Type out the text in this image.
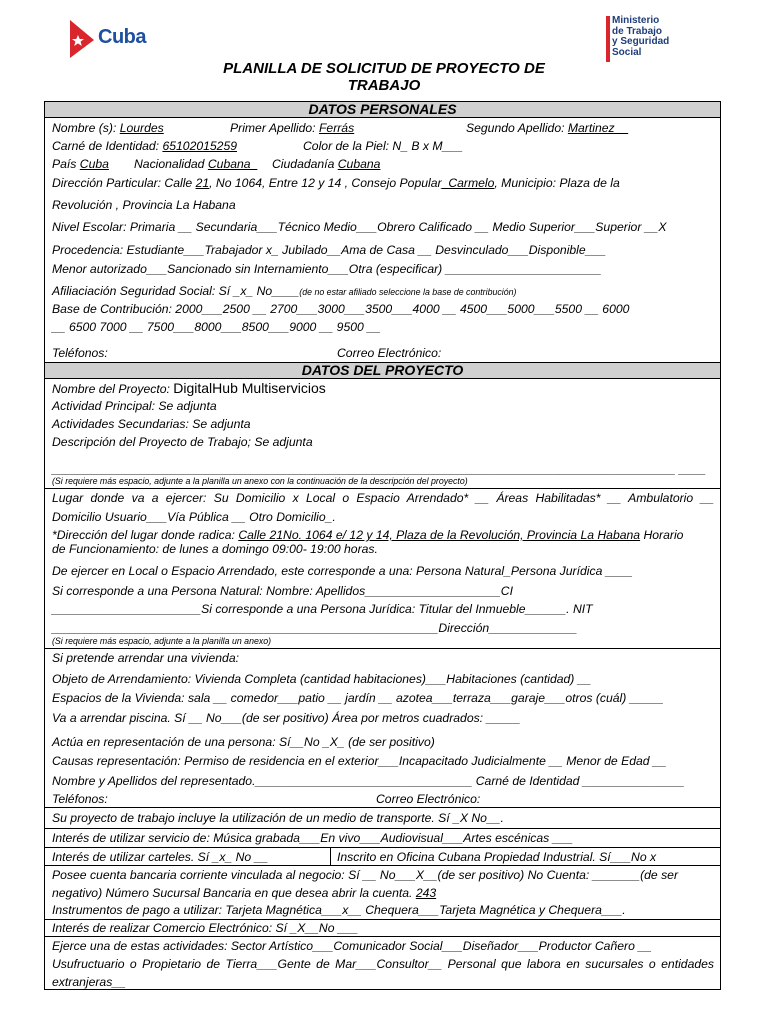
Cuba
Ministerio
de Trabajo
y Seguridad
Social
PLANILLA DE SOLICITUD DE PROYECTO DE
TRABAJO
DATOS PERSONALES
DATOS DEL PROYECTO
Nombre (s): Lourdes	Primer Apellido: Ferrás	Segundo Apellido: Martinez__
Carné de Identidad: 65102015259	Color de la Piel: N_ B x M___
País Cuba Nacionalidad Cubana_ Ciudadanía Cubana
Dirección Particular: Calle 21, No 1064, Entre 12 y 14 , Consejo Popular_Carmelo, Municipio: Plaza de la
Revolución , Provincia La Habana
Nivel Escolar: Primaria __ Secundaria___Técnico Medio___Obrero Calificado __ Medio Superior___Superior __X
Procedencia: Estudiante___Trabajador x_ Jubilado__Ama de Casa __ Desvinculado___Disponible___
Menor autorizado___Sancionado sin Internamiento___Otra (especificar) _______________________
Afiliaciación Seguridad Social: Sí _x_ No____(de no estar afiliado seleccione la base de contribución)
Base de Contribución: 2000___2500 __ 2700___3000___3500___4000 __ 4500___5000___5500 __ 6000
__ 6500 7000 __ 7500___8000___8500___9000 __ 9500 __
Teléfonos:	Correo Electrónico:
Nombre del Proyecto: DigitalHub Multiservicios
Actividad Principal: Se adjunta
Actividades Secundarias: Se adjunta
Descripción del Proyecto de Trabajo; Se adjunta
____________________________________________________________________________________________ ____
(Si requiere más espacio, adjunte a la planilla un anexo con la continuación de la descripción del proyecto)
Lugar donde va a ejercer: Su Domicilio x Local o Espacio Arrendado* __ Áreas Habilitadas* __ Ambulatorio __
Domicilio Usuario___Vía Pública __ Otro Domicilio_.
*Dirección del lugar donde radica: Calle 21No. 1064 e/ 12 y 14, Plaza de la Revolución, Provincia La Habana Horario
de Funcionamiento: de lunes a domingo 09:00- 19:00 horas.
De ejercer en Local o Espacio Arrendado, este corresponde a una: Persona Natural_Persona Jurídica ____
Si corresponde a una Persona Natural: Nombre: Apellidos____________________CI
______________________Si corresponde a una Persona Jurídica: Titular del Inmueble______. NIT
_________________________________________________________Dirección_____________
(Si requiere más espacio, adjunte a la planilla un anexo)
Si pretende arrendar una vivienda:
Objeto de Arrendamiento: Vivienda Completa (cantidad habitaciones)___Habitaciones (cantidad) __
Espacios de la Vivienda: sala __ comedor___patio __ jardín __ azotea___terraza___garaje___otros (cuál) _____
Va a arrendar piscina. Sí __ No___(de ser positivo) Área por metros cuadrados: _____
Actúa en representación de una persona: Sí__No _X_ (de ser positivo)
Causas representación: Permiso de residencia en el exterior___Incapacitado Judicialmente __ Menor de Edad __
Nombre y Apellidos del representado.________________________________ Carné de Identidad _______________
Teléfonos:	Correo Electrónico:
Su proyecto de trabajo incluye la utilización de un medio de transporte. Sí _X No__.
Interés de utilizar servicio de: Música grabada___En vivo___Audiovisual___Artes escénicas ___
Interés de utilizar carteles. Sí _x_ No __	Inscrito en Oficina Cubana Propiedad Industrial. Sí___No x
Posee cuenta bancaria corriente vinculada al negocio: Sí __ No___X__(de ser positivo) No Cuenta: _______(de ser
negativo) Número Sucursal Bancaria en que desea abrir la cuenta. 243
Instrumentos de pago a utilizar: Tarjeta Magnética___x__ Chequera___Tarjeta Magnética y Chequera___.
Interés de realizar Comercio Electrónico: Sí _X__No ___
Ejerce una de estas actividades: Sector Artístico___Comunicador Social___Diseñador___Productor Cañero __
Usufructuario o Propietario de Tierra___Gente de Mar___Consultor__ Personal que labora en sucursales o entidades
extranjeras__
